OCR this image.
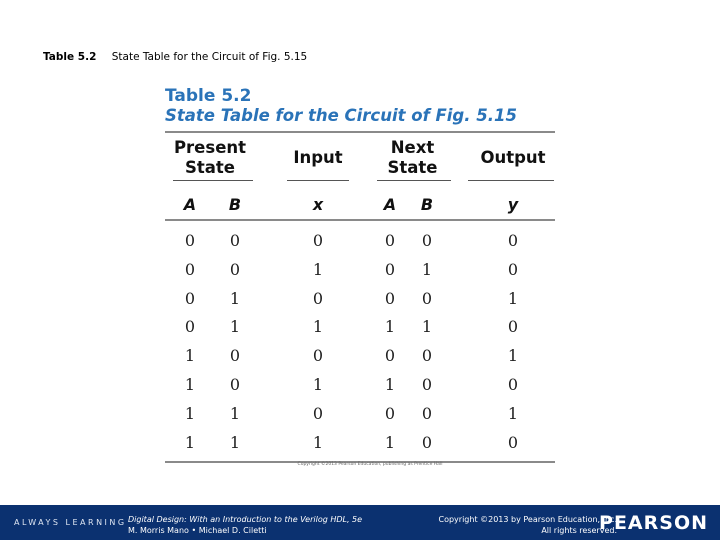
Table 5.2 State Table for the Circuit of Fig. 5.15
Table 5.2
State Table for the Circuit of Fig. 5.15
Present
State
Input
Next
State
Output
A	B	x	A	B	y
0	0	0	0	0	0
0	0	1	0	1	0
0	1	0	0	0	1
0	1	1	1	1	0
1	0	0	0	0	1
1	0	1	1	0	0
1	1	0	0	0	1
1	1	1	1	0	0
Copyright ©2013 Pearson Education, publishing as Prentice Hall
ALWAYS LEARNING Digital Design: With an Introduction to the Verilog HDL, 5e
M. Morris Mano • Michael D. Ciletti
Copyright ©2013 by Pearson Education, Inc.
All rights reserved.
PEARSON
